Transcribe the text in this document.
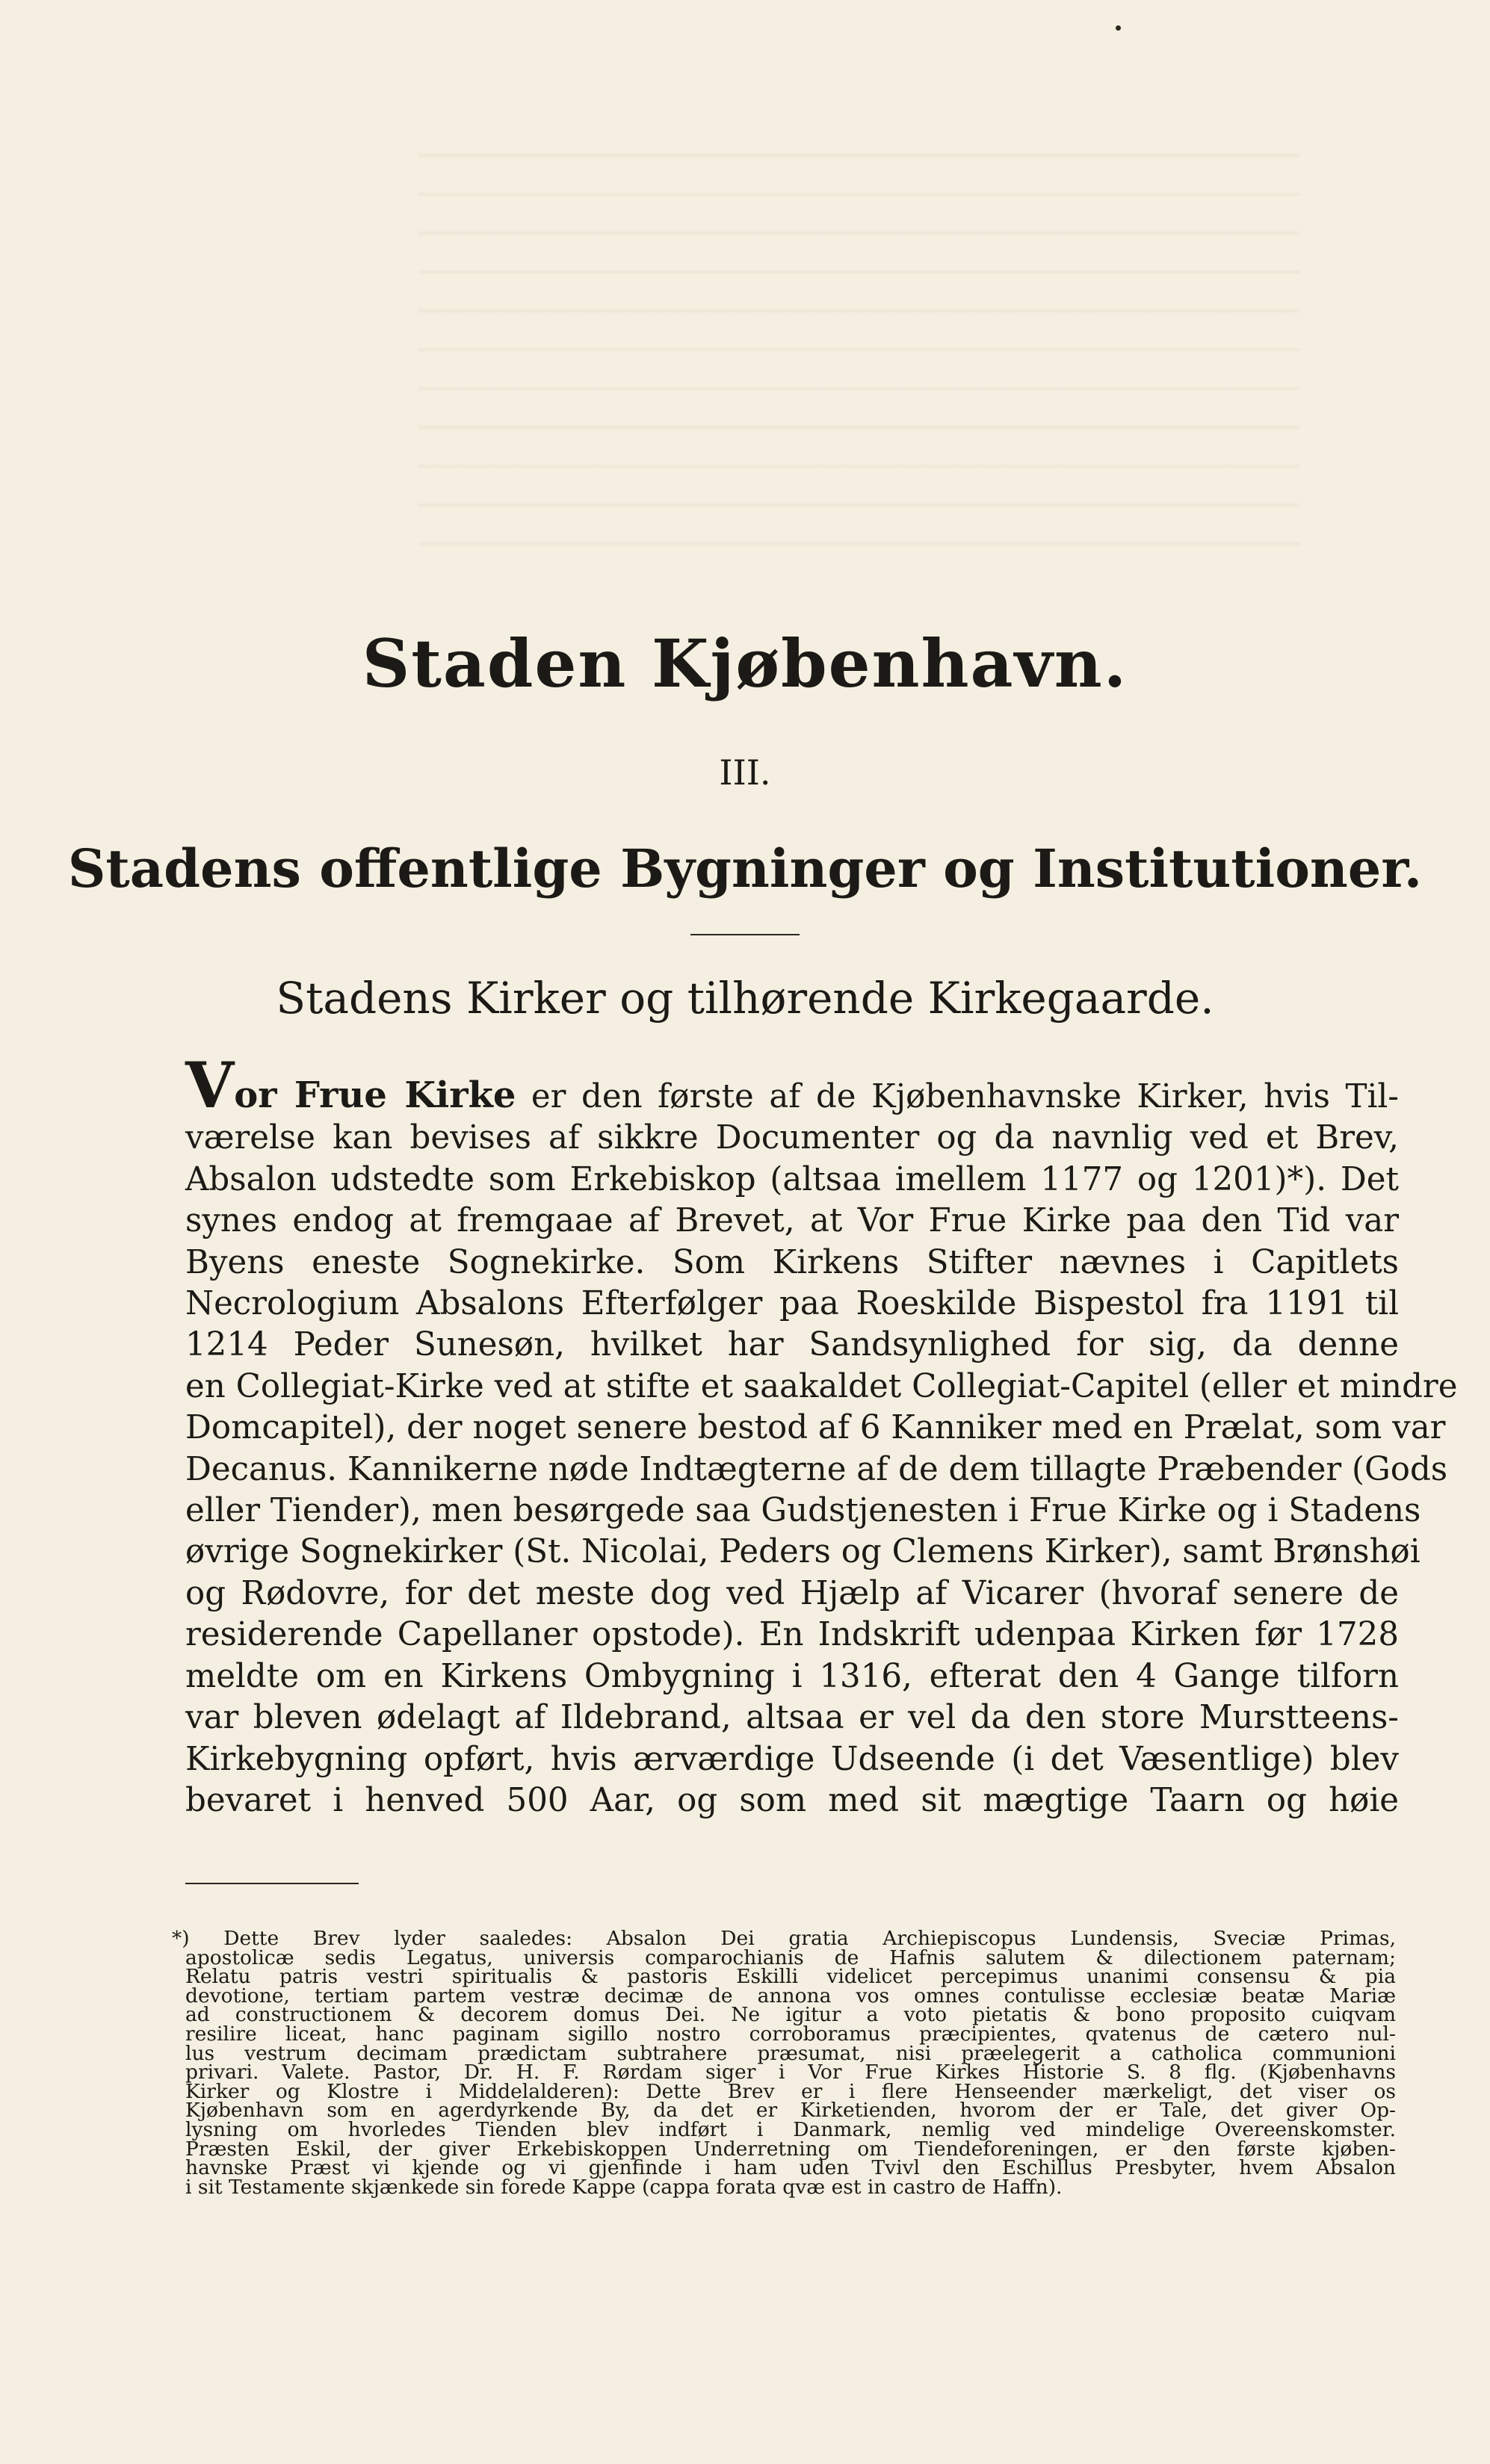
Staden Kjøbenhavn.
III.
Stadens offentlige Bygninger og Institutioner.
Stadens Kirker og tilhørende Kirkegaarde.
Vor Frue Kirke er den første af de Kjøbenhavnske Kirker, hvis Til-
værelse kan bevises af sikkre Documenter og da navnlig ved et Brev,
Absalon udstedte som Erkebiskop (altsaa imellem 1177 og 1201)*). Det
synes endog at fremgaae af Brevet, at Vor Frue Kirke paa den Tid var
Byens eneste Sognekirke. Som Kirkens Stifter nævnes i Capitlets
Necrologium Absalons Efterfølger paa Roeskilde Bispestol fra 1191 til
1214 Peder Sunesøn, hvilket har Sandsynlighed for sig, da denne
en Collegiat-Kirke ved at stifte et saakaldet Collegiat-Capitel (eller et mindre
Domcapitel), der noget senere bestod af 6 Kanniker med en Prælat, som var
Decanus. Kannikerne nøde Indtægterne af de dem tillagte Præbender (Gods
eller Tiender), men besørgede saa Gudstjenesten i Frue Kirke og i Stadens
øvrige Sognekirker (St. Nicolai, Peders og Clemens Kirker), samt Brønshøi
og Rødovre, for det meste dog ved Hjælp af Vicarer (hvoraf senere de
residerende Capellaner opstode). En Indskrift udenpaa Kirken før 1728
meldte om en Kirkens Ombygning i 1316, efterat den 4 Gange tilforn
var bleven ødelagt af Ildebrand, altsaa er vel da den store Murstteens-
Kirkebygning opført, hvis ærværdige Udseende (i det Væsentlige) blev
bevaret i henved 500 Aar, og som med sit mægtige Taarn og høie
*) Dette Brev lyder saaledes: Absalon Dei gratia Archiepiscopus Lundensis, Sveciæ Primas,
apostolicæ sedis Legatus, universis comparochianis de Hafnis salutem & dilectionem paternam;
Relatu patris vestri spiritualis & pastoris Eskilli videlicet percepimus unanimi consensu & pia
devotione, tertiam partem vestræ decimæ de annona vos omnes contulisse ecclesiæ beatæ Mariæ
ad constructionem & decorem domus Dei. Ne igitur a voto pietatis & bono proposito cuiqvam
resilire liceat, hanc paginam sigillo nostro corroboramus præcipientes, qvatenus de cætero nul-
lus vestrum decimam prædictam subtrahere præsumat, nisi præelegerit a catholica communioni
privari. Valete. Pastor, Dr. H. F. Rørdam siger i Vor Frue Kirkes Historie S. 8 flg. (Kjøbenhavns
Kirker og Klostre i Middelalderen): Dette Brev er i flere Henseender mærkeligt, det viser os
Kjøbenhavn som en agerdyrkende By, da det er Kirketienden, hvorom der er Tale, det giver Op-
lysning om hvorledes Tienden blev indført i Danmark, nemlig ved mindelige Overeenskomster.
Præsten Eskil, der giver Erkebiskoppen Underretning om Tiendeforeningen, er den første kjøben-
havnske Præst vi kjende og vi gjenfinde i ham uden Tvivl den Eschillus Presbyter, hvem Absalon
i sit Testamente skjænkede sin forede Kappe (cappa forata qvæ est in castro de Haffn).
